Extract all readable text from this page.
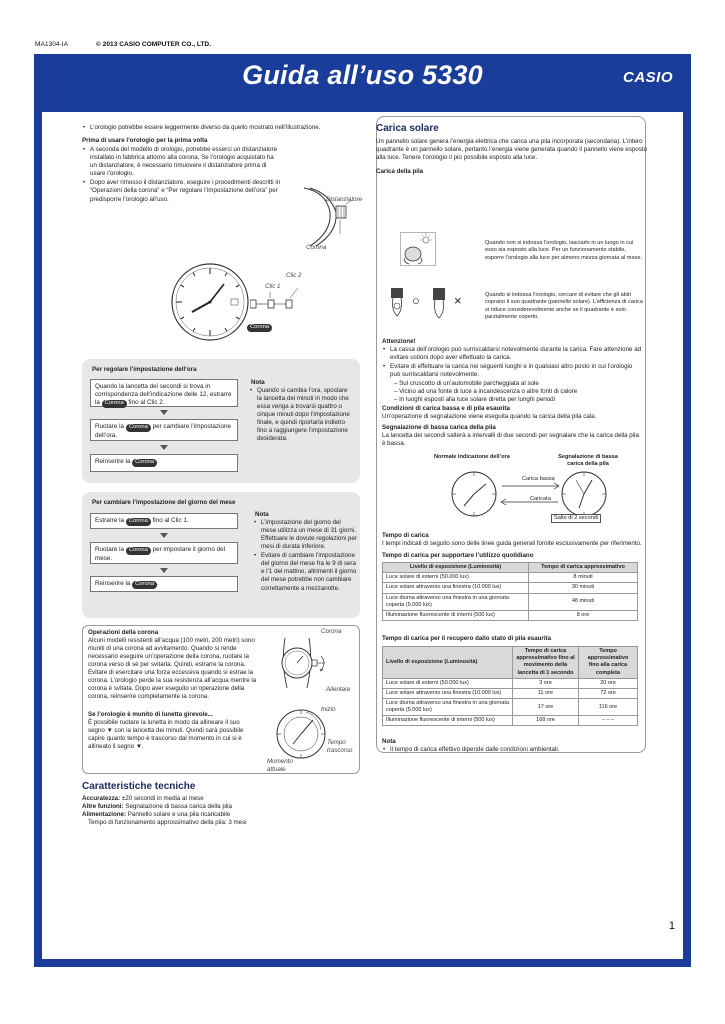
MA1304-IA	© 2013 CASIO COMPUTER CO., LTD.
Guida all’uso 5330	CASIO
• L’orologio potrebbe essere leggermente diverso da quello mostrato nell’illustrazione.
Prima di usare l’orologio per la prima volta
• A seconda del modello di orologio, potrebbe esserci un distanziatore installato in fabbrica attorno alla corona. Se l’orologio acquistato ha un distanziatore, è necessario rimuovere il distanziatore prima di usare l’orologio.
• Dopo aver rimosso il distanziatore, eseguire i procedimenti descritti in “Operazioni della corona” e “Per regolare l’impostazione dell’ora” per predisporre l’orologio all’uso.	Distanziatore
Corona
Clic 1
Clic 2
Corona
Per regolare l’impostazione dell’ora
Quando la lancetta dei secondi si trova in corrispondenza dell’indicazione delle 12, estrarre la Corona fino al Clic 2.
Ruotare la Corona per cambiare l’impostazione dell’ora.
Reinserire la Corona .
Nota
• Quando si cambia l’ora, spostare la lancetta dei minuti in modo che essa venga a trovarsi quattro o cinque minuti dopo l’impostazione finale, e quindi riportarla indietro fino a raggiungere l’impostazione desiderata.
Per cambiare l’impostazione del giorno del mese
Estrarre la Corona fino al Clic 1.
Ruotare la Corona per impostare il giorno del mese.
Reinserire la Corona .
Nota
• L’impostazione del giorno del mese utilizza un mese di 31 giorni. Effettuare le dovute regolazioni per mesi di durata inferiore.
• Evitare di cambiare l’impostazione del giorno del mese fra le 9 di sera e l’1 del mattino, altrimenti il giorno del mese potrebbe non cambiare correttamente a mezzanotte.
Operazioni della corona
Alcuni modelli resistenti all’acqua (100 metri, 200 metri) sono muniti di una corona ad avvitamento. Quando si rende necessario eseguire un’operazione della corona, ruotare la corona verso di sé per svitarla. Quindi, estrarre la corona. Evitare di esercitare una forza eccessiva quando si estrae la corona. L’orologio perde la sua resistenza all’acqua mentre la corona è svitata. Dopo aver eseguito un’operazione della corona, reinserire completamente la corona.
Se l’orologio è munito di lunetta girevole...
È possibile ruotare la lunetta in modo da allineare il suo segno ▼ con la lancetta dei minuti. Quindi sarà possibile capire quanto tempo è trascorso dal momento in cui si è allineato il segno ▼.
Corona
Allentare
Inizio
Tempo trascorso
Momento attuale
Caratteristiche tecniche
Accuratezza: ±20 secondi in media al mese
Altre funzioni: Segnalazione di bassa carica della pila
Alimentazione: Pannello solare e una pila ricaricabile
Tempo di funzionamento approssimativo della pila: 3 mesi
Carica solare
Un pannello solare genera l’energia elettrica che carica una pila incorporata (secondaria). L’intero quadrante è un pannello solare, pertanto l’energia viene generata quando il pannello viene esposto alla luce. Tenere l’orologio il più possibile esposto alla luce.
Carica della pila
Quando non si indossa l’orologio, lasciarlo in un luogo in cui esso sia esposto alla luce. Per un funzionamento stabile, esporre l’orologio alla luce per almeno mezza giornata al mese.
○	×	Quando si indossa l’orologio, cercare di evitare che gli abiti coprano il suo quadrante (pannello solare). L’efficienza di carica si riduce considerevolmente anche se il quadrante è solo parzialmente coperto.
Attenzione!
• La cassa dell’orologio può surriscaldarsi notevolmente durante la carica. Fare attenzione ad evitare ustioni dopo aver effettuato la carica.
• Evitare di effettuare la carica nei seguenti luoghi e in qualsiasi altro posto in cui l’orologio può surriscaldarsi notevolmente.
– Sul cruscotto di un’automobile parcheggiata al sole
– Vicino ad una fonte di luce a incandescenza o altre fonti di calore
– In luoghi esposti alla luce solare diretta per lunghi periodi
Condizioni di carica bassa e di pila esaurita
Un’operazione di segnalazione viene eseguita quando la carica della pila cala.
Segnalazione di bassa carica della pila
La lancetta dei secondi salterà a intervalli di due secondi per segnalare che la carica della pila è bassa.
Normale indicazione dell’ora	Segnalazione di bassa carica della pila
Carica bassa
Caricata
Salto di 2 secondi
Tempo di carica
I tempi indicati di seguito sono delle linee guida generali fornite esclusivamente per riferimento.
Tempo di carica per supportare l’utilizzo quotidiano
Livello di esposizione (Luminosità)	Tempo di carica approssimativo
Luce solare di esterni (50.000 lux)	8 minuti
Luce solare attraverso una finestra (10.000 lux)	30 minuti
Luce diurna attraverso una finestra in una giornata coperta (5.000 lux)	48 minuti
Illuminazione fluorescente di interni (500 lux)	8 ore
Tempo di carica per il recupero dallo stato di pila esaurita
Livello di esposizione (Luminosità)	Tempo di carica approssimativo fino al movimento della lancetta di 1 secondo	Tempo approssimativo fino alla carica completa
Luce solare di esterni (50.000 lux)	3 ore	20 ore
Luce solare attraverso una finestra (10.000 lux)	11 ore	72 ore
Luce diurna attraverso una finestra in una giornata coperta (5.000 lux)	17 ore	116 ore
Illuminazione fluorescente di interni (500 lux)	168 ore	– – –
Nota
• Il tempo di carica effettivo dipende dalle condizioni ambientali.
1
